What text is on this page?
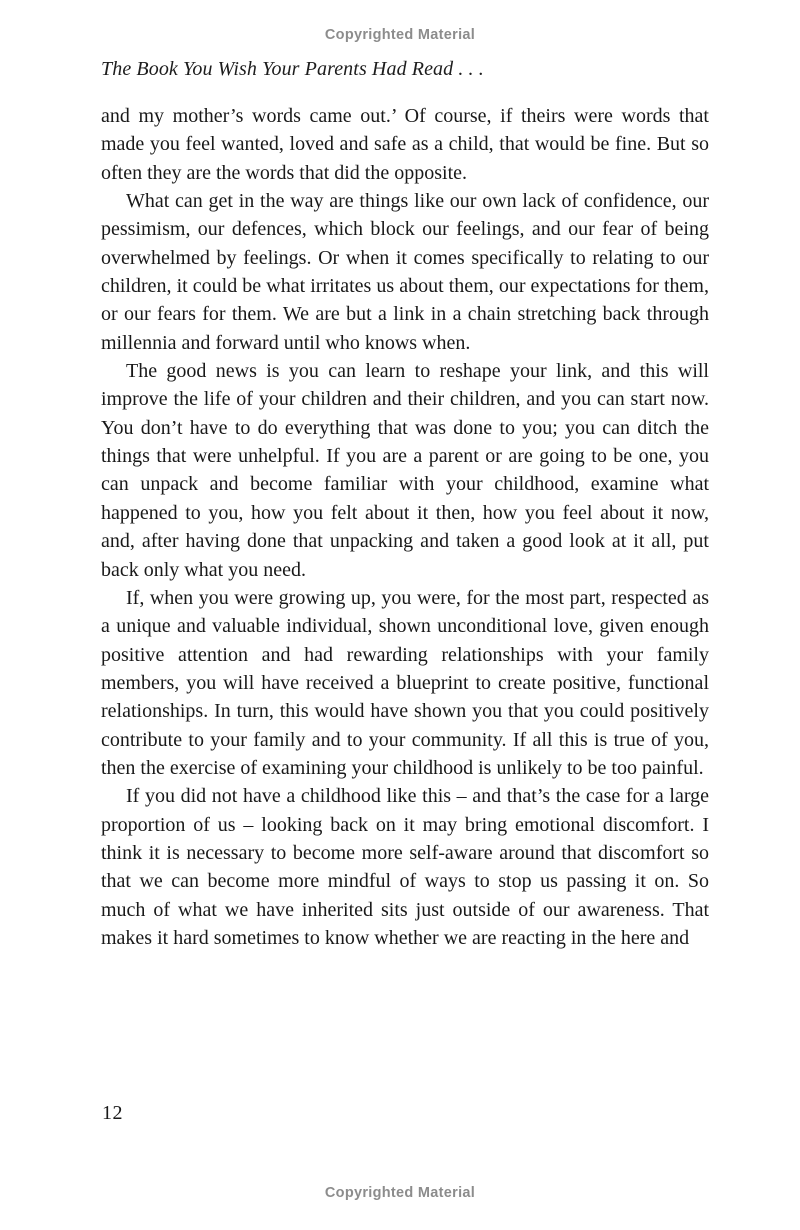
Copyrighted Material
The Book You Wish Your Parents Had Read . . .

and my mother’s words came out.’ Of course, if theirs were words that made you feel wanted, loved and safe as a child, that would be fine. But so often they are the words that did the opposite.

What can get in the way are things like our own lack of confidence, our pessimism, our defences, which block our feelings, and our fear of being overwhelmed by feelings. Or when it comes specifically to relating to our children, it could be what irritates us about them, our expectations for them, or our fears for them. We are but a link in a chain stretching back through millennia and forward until who knows when.

The good news is you can learn to reshape your link, and this will improve the life of your children and their children, and you can start now. You don’t have to do everything that was done to you; you can ditch the things that were unhelpful. If you are a parent or are going to be one, you can unpack and become familiar with your childhood, examine what happened to you, how you felt about it then, how you feel about it now, and, after having done that unpacking and taken a good look at it all, put back only what you need.

If, when you were growing up, you were, for the most part, respected as a unique and valuable individual, shown unconditional love, given enough positive attention and had rewarding relationships with your family members, you will have received a blueprint to create positive, functional relationships. In turn, this would have shown you that you could positively contribute to your family and to your community. If all this is true of you, then the exercise of examining your childhood is unlikely to be too painful.

If you did not have a childhood like this – and that’s the case for a large proportion of us – looking back on it may bring emotional discomfort. I think it is necessary to become more self-aware around that discomfort so that we can become more mindful of ways to stop us passing it on. So much of what we have inherited sits just outside of our awareness. That makes it hard sometimes to know whether we are reacting in the here and

12
Copyrighted Material
